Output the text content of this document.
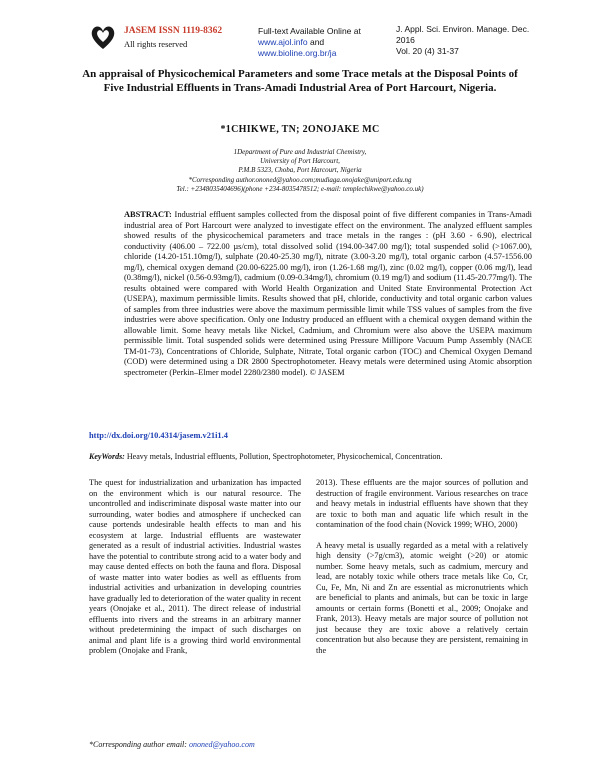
JASEM ISSN 1119-8362
All rights reserved
Full-text Available Online at
www.ajol.info and
www.bioline.org.br/ja
J. Appl. Sci. Environ. Manage. Dec. 2016
Vol. 20 (4) 31-37
An appraisal of Physicochemical Parameters and some Trace metals at the Disposal Points of Five Industrial Effluents in Trans-Amadi Industrial Area of Port Harcourt, Nigeria.
*1CHIKWE, TN; 2ONOJAKE MC
1Department of Pure and Industrial Chemistry,
University of Port Harcourt,
P.M.B 5323, Choba, Port Harcourt, Nigeria
*Corresponding author.ononed@yahoo.com;mudiaga.onojake@uniport.edu.ng
Tel.: +2348035404696)(phone +234-8035478512; e-mail: templechikwe@yahoo.co.uk)
ABSTRACT: Industrial effluent samples collected from the disposal point of five different companies in Trans-Amadi industrial area of Port Harcourt were analyzed to investigate effect on the environment. The analyzed effluent samples showed results of the physicochemical parameters and trace metals in the ranges : (pH 3.60 - 6.90), electrical conductivity (406.00 – 722.00 µs/cm), total dissolved solid (194.00-347.00 mg/l); total suspended solid (>1067.00), chloride (14.20-151.10mg/l), sulphate (20.40-25.30 mg/l), nitrate (3.00-3.20 mg/l), total organic carbon (4.57-1556.00 mg/l), chemical oxygen demand (20.00-6225.00 mg/l), iron (1.26-1.68 mg/l), zinc (0.02 mg/l), copper (0.06 mg/l), lead (0.38mg/l), nickel (0.56-0.93mg/l), cadmium (0.09-0.34mg/l), chromium (0.19 mg/l) and sodium (11.45-20.77mg/l). The results obtained were compared with World Health Organization and United State Environmental Protection Act (USEPA), maximum permissible limits. Results showed that pH, chloride, conductivity and total organic carbon values of samples from three industries were above the maximum permissible limit while TSS values of samples from the five industries were above specification. Only one Industry produced an effluent with a chemical oxygen demand within the allowable limit. Some heavy metals like Nickel, Cadmium, and Chromium were also above the USEPA maximum permissible limit. Total suspended solids were determined using Pressure Millipore Vacuum Pump Assembly (NACE TM-01-73), Concentrations of Chloride, Sulphate, Nitrate, Total organic carbon (TOC) and Chemical Oxygen Demand (COD) were determined using a DR 2800 Spectrophotometer. Heavy metals were determined using Atomic absorption spectrometer (Perkin–Elmer model 2280/2380 model). © JASEM
http://dx.doi.org/10.4314/jasem.v21i1.4
KeyWords: Heavy metals, Industrial effluents, Pollution, Spectrophotometer, Physicochemical, Concentration.

The quest for industrialization and urbanization has impacted on the environment which is our natural resource. The uncontrolled and indiscriminate disposal waste matter into our surrounding, water bodies and atmosphere if unchecked can cause portends undesirable health effects to man and his ecosystem at large. Industrial effluents are wastewater generated as a result of industrial activities. Industrial wastes have the potential to contribute strong acid to a water body and may cause dented effects on both the fauna and flora. Disposal of waste matter into water bodies as well as effluents from industrial activities and urbanization in developing countries have gradually led to deterioration of the water quality in recent years (Onojake et al., 2011). The direct release of industrial effluents into rivers and the streams in an arbitrary manner without predetermining the impact of such discharges on animal and plant life is a growing third world environmental problem (Onojake and Frank,

2013). These effluents are the major sources of pollution and destruction of fragile environment. Various researches on trace and heavy metals in industrial effluents have shown that they are toxic to both man and aquatic life which result in the contamination of the food chain (Novick 1999; WHO, 2000)

A heavy metal is usually regarded as a metal with a relatively high density (>7g/cm3), atomic weight (>20) or atomic number. Some heavy metals, such as cadmium, mercury and lead, are notably toxic while others trace metals like Co, Cr, Cu, Fe, Mn, Ni and Zn are essential as micronutrients which are beneficial to plants and animals, but can be toxic in large amounts or certain forms (Bonetti et al., 2009; Onojake and Frank, 2013). Heavy metals are major source of pollution not just because they are toxic above a relatively certain concentration but also because they are persistent, remaining in the

*Corresponding author email: ononed@yahoo.com
